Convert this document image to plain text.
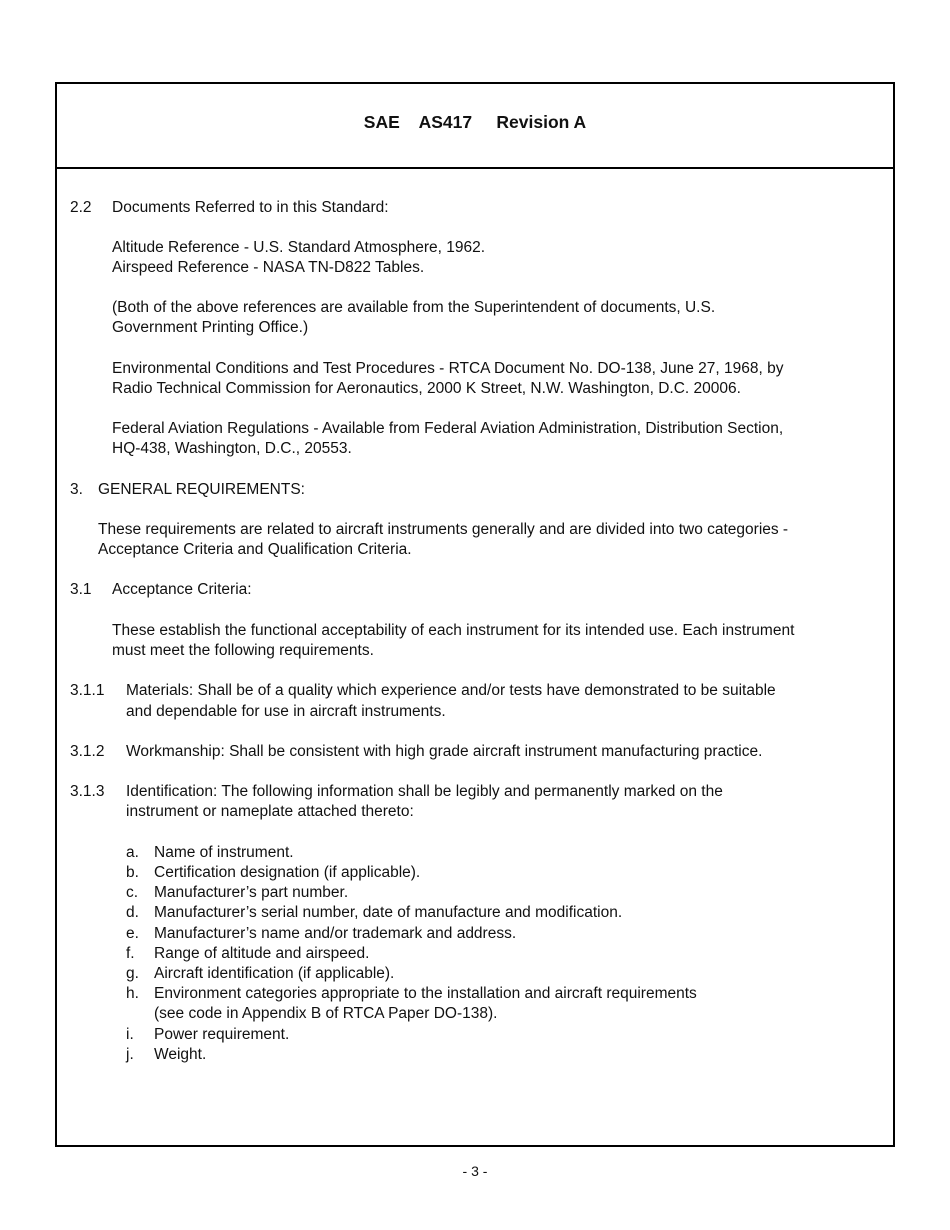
SAE    AS417     Revision A
2.2 Documents Referred to in this Standard:
Altitude Reference - U.S. Standard Atmosphere, 1962.
Airspeed Reference - NASA TN-D822 Tables.
(Both of the above references are available from the Superintendent of documents, U.S.
Government Printing Office.)
Environmental Conditions and Test Procedures - RTCA Document No. DO-138, June 27, 1968, by
Radio Technical Commission for Aeronautics, 2000 K Street, N.W. Washington, D.C. 20006.
Federal Aviation Regulations - Available from Federal Aviation Administration, Distribution Section,
HQ-438, Washington, D.C., 20553.
3. GENERAL REQUIREMENTS:
These requirements are related to aircraft instruments generally and are divided into two categories -
Acceptance Criteria and Qualification Criteria.
3.1 Acceptance Criteria:
These establish the functional acceptability of each instrument for its intended use. Each instrument
must meet the following requirements.
3.1.1 Materials: Shall be of a quality which experience and/or tests have demonstrated to be suitable
and dependable for use in aircraft instruments.
3.1.2 Workmanship: Shall be consistent with high grade aircraft instrument manufacturing practice.
3.1.3 Identification: The following information shall be legibly and permanently marked on the
instrument or nameplate attached thereto:
a. Name of instrument.
b. Certification designation (if applicable).
c. Manufacturer’s part number.
d. Manufacturer’s serial number, date of manufacture and modification.
e. Manufacturer’s name and/or trademark and address.
f. Range of altitude and airspeed.
g. Aircraft identification (if applicable).
h. Environment categories appropriate to the installation and aircraft requirements
(see code in Appendix B of RTCA Paper DO-138).
i. Power requirement.
j. Weight.
- 3 -
